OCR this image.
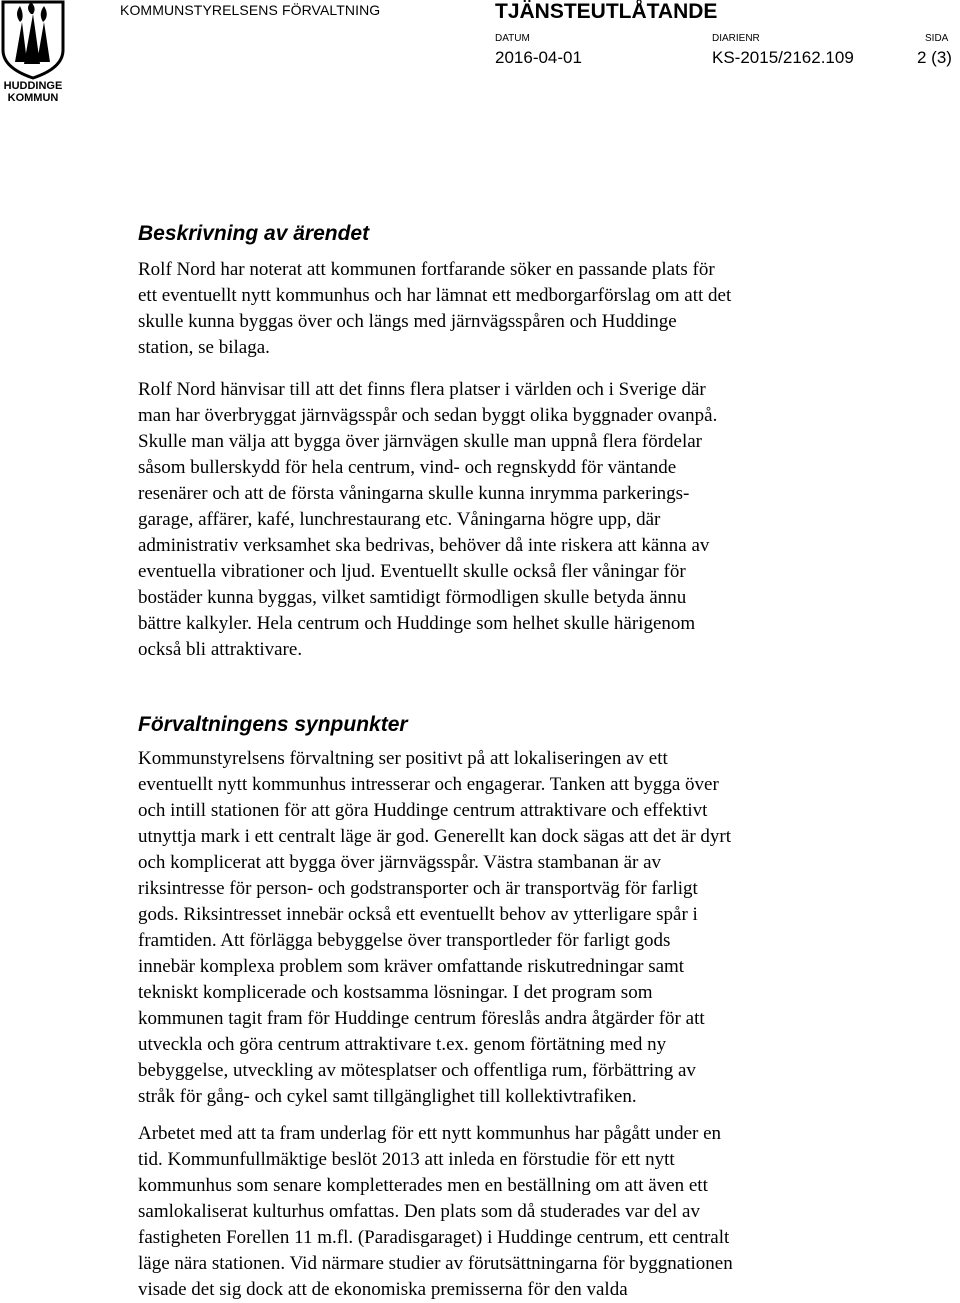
HUDDINGE
KOMMUN
KOMMUNSTYRELSENS FÖRVALTNING	TJÄNSTEUTLÅTANDE
DATUM	DIARIENR	SIDA
2016-04-01	KS-2015/2162.109	2 (3)
Beskrivning av ärendet

Rolf Nord har noterat att kommunen fortfarande söker en passande plats för
ett eventuellt nytt kommunhus och har lämnat ett medborgarförslag om att det
skulle kunna byggas över och längs med järnvägsspåren och Huddinge
station, se bilaga.

Rolf Nord hänvisar till att det finns flera platser i världen och i Sverige där
man har överbryggat järnvägsspår och sedan byggt olika byggnader ovanpå.
Skulle man välja att bygga över järnvägen skulle man uppnå flera fördelar
såsom bullerskydd för hela centrum, vind- och regnskydd för väntande
resenärer och att de första våningarna skulle kunna inrymma parkerings-
garage, affärer, kafé, lunchrestaurang etc. Våningarna högre upp, där
administrativ verksamhet ska bedrivas, behöver då inte riskera att känna av
eventuella vibrationer och ljud. Eventuellt skulle också fler våningar för
bostäder kunna byggas, vilket samtidigt förmodligen skulle betyda ännu
bättre kalkyler. Hela centrum och Huddinge som helhet skulle härigenom
också bli attraktivare.

Förvaltningens synpunkter

Kommunstyrelsens förvaltning ser positivt på att lokaliseringen av ett
eventuellt nytt kommunhus intresserar och engagerar. Tanken att bygga över
och intill stationen för att göra Huddinge centrum attraktivare och effektivt
utnyttja mark i ett centralt läge är god. Generellt kan dock sägas att det är dyrt
och komplicerat att bygga över järnvägsspår. Västra stambanan är av
riksintresse för person- och godstransporter och är transportväg för farligt
gods. Riksintresset innebär också ett eventuellt behov av ytterligare spår i
framtiden. Att förlägga bebyggelse över transportleder för farligt gods
innebär komplexa problem som kräver omfattande riskutredningar samt
tekniskt komplicerade och kostsamma lösningar. I det program som
kommunen tagit fram för Huddinge centrum föreslås andra åtgärder för att
utveckla och göra centrum attraktivare t.ex. genom förtätning med ny
bebyggelse, utveckling av mötesplatser och offentliga rum, förbättring av
stråk för gång- och cykel samt tillgänglighet till kollektivtrafiken.

Arbetet med att ta fram underlag för ett nytt kommunhus har pågått under en
tid. Kommunfullmäktige beslöt 2013 att inleda en förstudie för ett nytt
kommunhus som senare kompletterades men en beställning om att även ett
samlokaliserat kulturhus omfattas. Den plats som då studerades var del av
fastigheten Forellen 11 m.fl. (Paradisgaraget) i Huddinge centrum, ett centralt
läge nära stationen. Vid närmare studier av förutsättningarna för byggnationen
visade det sig dock att de ekonomiska premisserna för den valda
